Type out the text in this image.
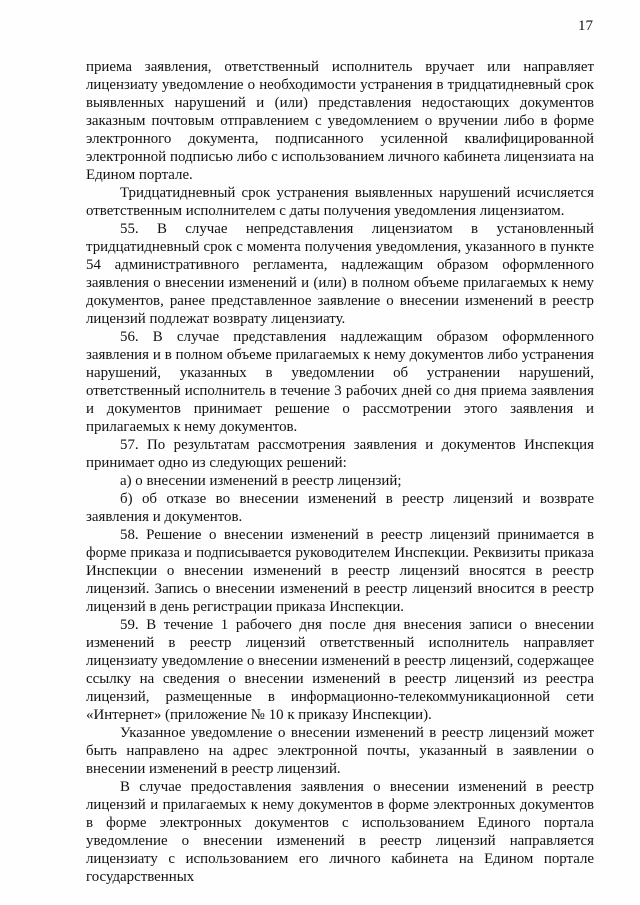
17

приема заявления, ответственный исполнитель вручает или направляет лицензиату уведомление о необходимости устранения в тридцатидневный срок выявленных нарушений и (или) представления недостающих документов заказным почтовым отправлением с уведомлением о вручении либо в форме электронного документа, подписанного усиленной квалифицированной электронной подписью либо с использованием личного кабинета лицензиата на Едином портале.

Тридцатидневный срок устранения выявленных нарушений исчисляется ответственным исполнителем с даты получения уведомления лицензиатом.

55. В случае непредставления лицензиатом в установленный тридцатидневный срок с момента получения уведомления, указанного в пункте 54 административного регламента, надлежащим образом оформленного заявления о внесении изменений и (или) в полном объеме прилагаемых к нему документов, ранее представленное заявление о внесении изменений в реестр лицензий подлежат возврату лицензиату.

56. В случае представления надлежащим образом оформленного заявления и в полном объеме прилагаемых к нему документов либо устранения нарушений, указанных в уведомлении об устранении нарушений, ответственный исполнитель в течение 3 рабочих дней со дня приема заявления и документов принимает решение о рассмотрении этого заявления и прилагаемых к нему документов.

57. По результатам рассмотрения заявления и документов Инспекция принимает одно из следующих решений:

а) о внесении изменений в реестр лицензий;

б) об отказе во внесении изменений в реестр лицензий и возврате заявления и документов.

58. Решение о внесении изменений в реестр лицензий принимается в форме приказа и подписывается руководителем Инспекции. Реквизиты приказа Инспекции о внесении изменений в реестр лицензий вносятся в реестр лицензий. Запись о внесении изменений в реестр лицензий вносится в реестр лицензий в день регистрации приказа Инспекции.

59. В течение 1 рабочего дня после дня внесения записи о внесении изменений в реестр лицензий ответственный исполнитель направляет лицензиату уведомление о внесении изменений в реестр лицензий, содержащее ссылку на сведения о внесении изменений в реестр лицензий из реестра лицензий, размещенные в информационно-телекоммуникационной сети «Интернет» (приложение № 10 к приказу Инспекции).

Указанное уведомление о внесении изменений в реестр лицензий может быть направлено на адрес электронной почты, указанный в заявлении о внесении изменений в реестр лицензий.

В случае предоставления заявления о внесении изменений в реестр лицензий и прилагаемых к нему документов в форме электронных документов в форме электронных документов с использованием Единого портала уведомление о внесении изменений в реестр лицензий направляется лицензиату с использованием его личного кабинета на Едином портале государственных
